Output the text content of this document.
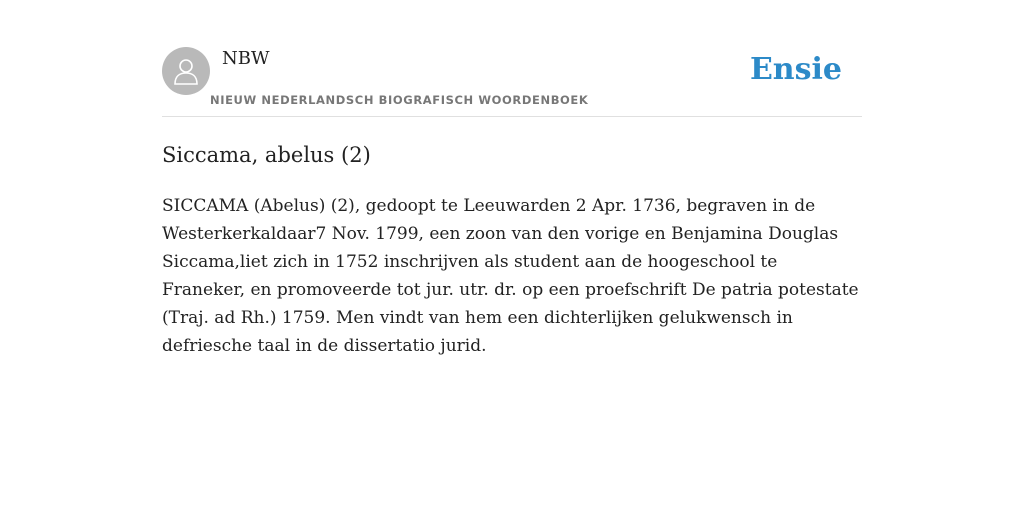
NBW
NIEUW NEDERLANDSCH BIOGRAFISCH WOORDENBOEK
Ensie
Siccama, abelus (2)

SICCAMA (Abelus) (2), gedoopt te Leeuwarden 2 Apr. 1736, begraven in de Westerkerkaldaar7 Nov. 1799, een zoon van den vorige en Benjamina Douglas Siccama,liet zich in 1752 inschrijven als student aan de hoogeschool te Franeker, en promoveerde tot jur. utr. dr. op een proefschrift De patria potestate (Traj. ad Rh.) 1759. Men vindt van hem een dichterlijken gelukwensch in defriesche taal in de dissertatio jurid.
